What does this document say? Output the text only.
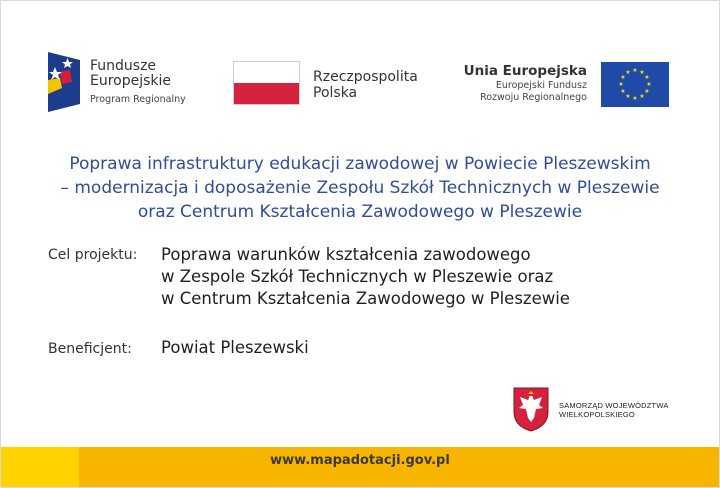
Fundusze
Europejskie
Program Regionalny
Rzeczpospolita
Polska
Unia Europejska
Europejski Fundusz
Rozwoju Regionalnego
★ ★
★
★
★
★
★
★
★
★
★
★
Poprawa infrastruktury edukacji zawodowej w Powiecie Pleszewskim
– modernizacja i doposażenie Zespołu Szkół Technicznych w Pleszewie
oraz Centrum Kształcenia Zawodowego w Pleszewie
Cel projektu: Poprawa warunków kształcenia zawodowego
w Zespole Szkół Technicznych w Pleszewie oraz
w Centrum Kształcenia Zawodowego w Pleszewie
Beneficjent: Powiat Pleszewski
SAMORZĄD WOJEWÓDZTWA
WIELKOPOLSKIEGO
www.mapadotacji.gov.pl
